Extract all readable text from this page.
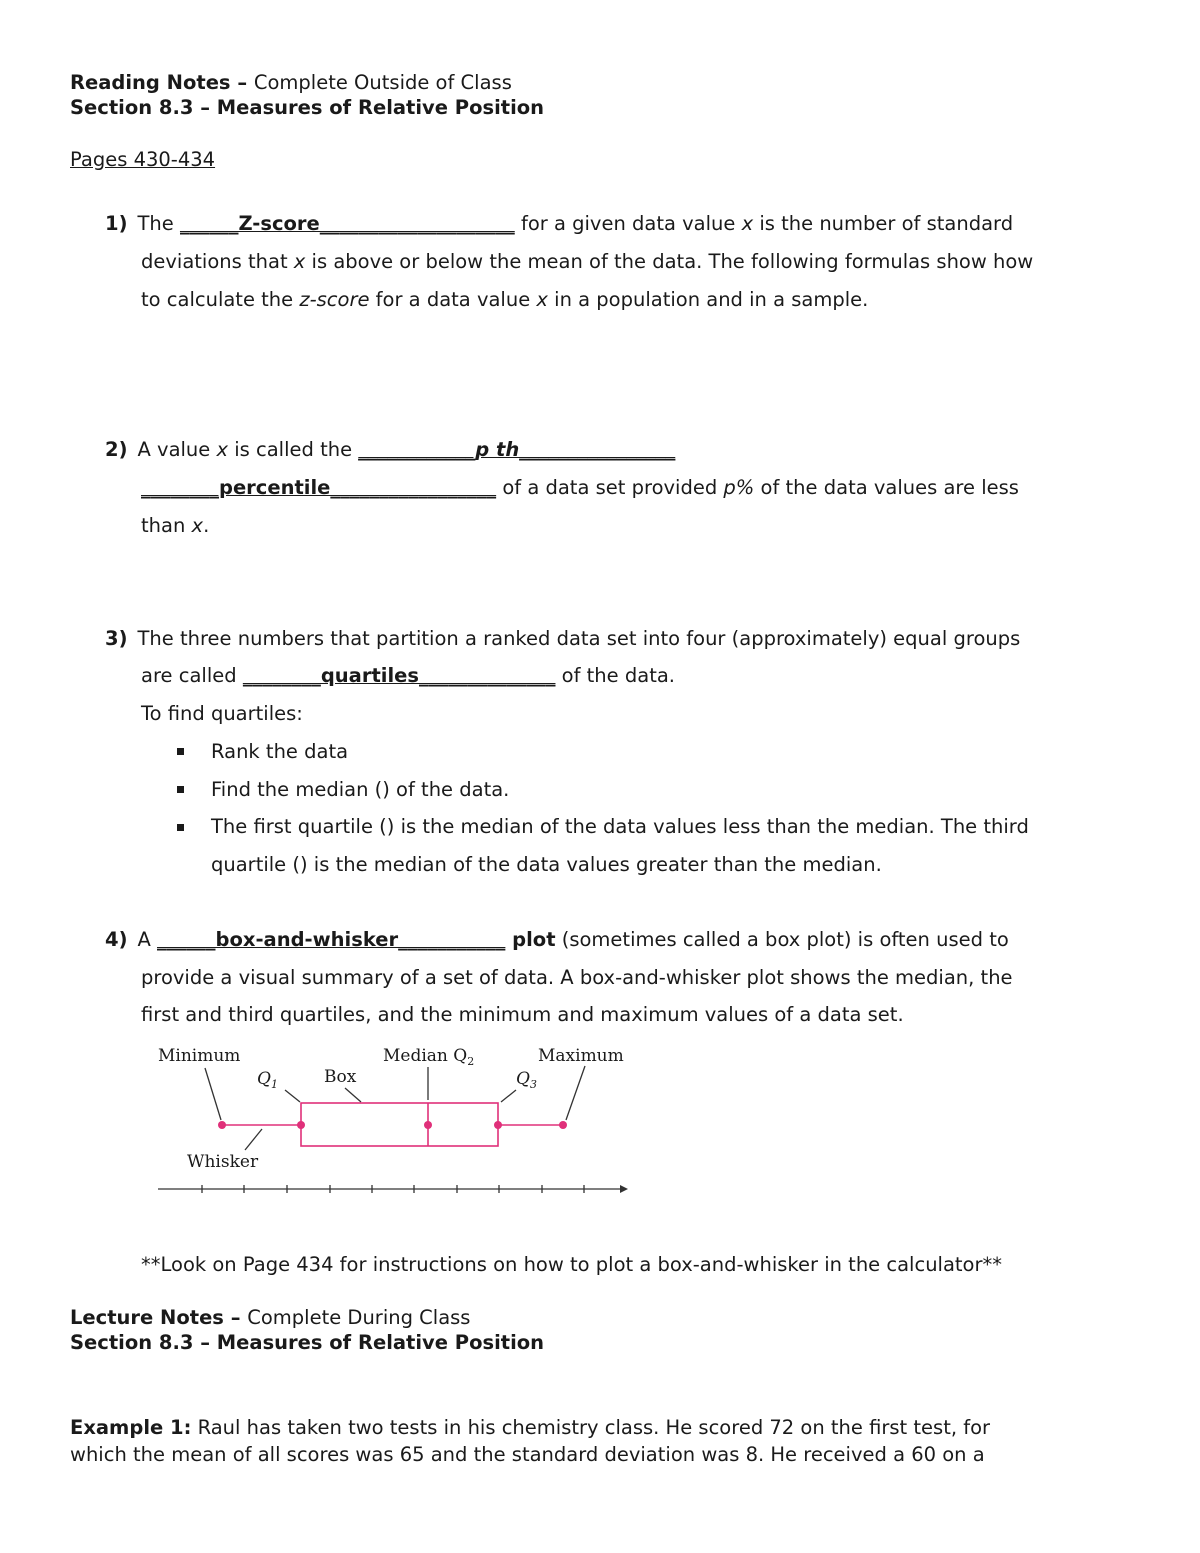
Reading Notes – Complete Outside of Class
Section 8.3 – Measures of Relative Position
Pages 430-434
1) The ______Z-score____________________ for a given data value x is the number of standard
deviations that x is above or below the mean of the data. The following formulas show how
to calculate the z-score for a data value x in a population and in a sample.
2) A value x is called the ____________p th________________
________percentile_________________ of a data set provided p% of the data values are less
than x.
3) The three numbers that partition a ranked data set into four (approximately) equal groups
are called ________quartiles______________ of the data.
To find quartiles:
Rank the data
Find the median () of the data.
The first quartile () is the median of the data values less than the median. The third
quartile () is the median of the data values greater than the median.
4) A ______box-and-whisker___________ plot (sometimes called a box plot) is often used to
provide a visual summary of a set of data. A box-and-whisker plot shows the median, the
first and third quartiles, and the minimum and maximum values of a data set.
Minimum
$Q_1$	Box
Median $Q_2$
$Q_3$
Maximum
Whisker
**Look on Page 434 for instructions on how to plot a box-and-whisker in the calculator**
Lecture Notes – Complete During Class
Section 8.3 – Measures of Relative Position
Example 1: Raul has taken two tests in his chemistry class. He scored 72 on the first test, for
which the mean of all scores was 65 and the standard deviation was 8. He received a 60 on a
